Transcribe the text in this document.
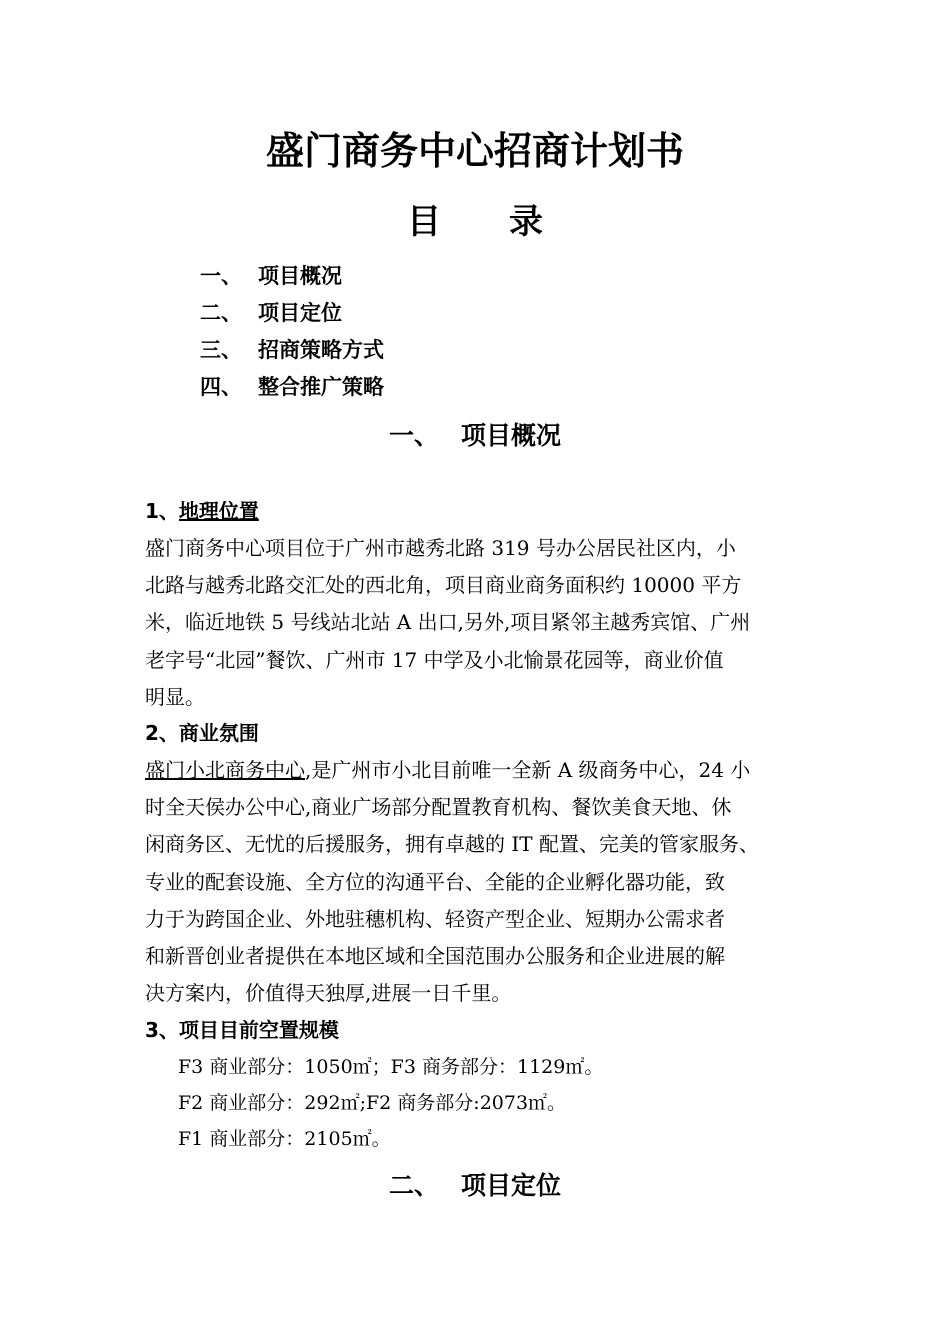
盛门商务中心招商计划书
目 录
一、 项目概况
二、 项目定位
三、 招商策略方式
四、 整合推广策略
一、 项目概况
1、地理位置
盛门商务中心项目位于广州市越秀北路 319 号办公居民社区内，小
北路与越秀北路交汇处的西北角，项目商业商务面积约 10000 平方
米，临近地铁 5 号线站北站 A 出口,另外,项目紧邻主越秀宾馆、广州
老字号“北园”餐饮、广州市 17 中学及小北愉景花园等，商业价值
明显。
2、商业氛围
盛门小北商务中心,是广州市小北目前唯一全新 A 级商务中心，24 小
时全天侯办公中心,商业广场部分配置教育机构、餐饮美食天地、休
闲商务区、无忧的后援服务，拥有卓越的 IT 配置、完美的管家服务、
专业的配套设施、全方位的沟通平台、全能的企业孵化器功能，致
力于为跨国企业、外地驻穗机构、轻资产型企业、短期办公需求者
和新晋创业者提供在本地区域和全国范围办公服务和企业进展的解
决方案内，价值得天独厚,进展一日千里。
3、项目目前空置规模
F3 商业部分：1050㎡；F3 商务部分：1129㎡。
F2 商业部分：292㎡;F2 商务部分:2073㎡。
F1 商业部分：2105㎡。
二、 项目定位
